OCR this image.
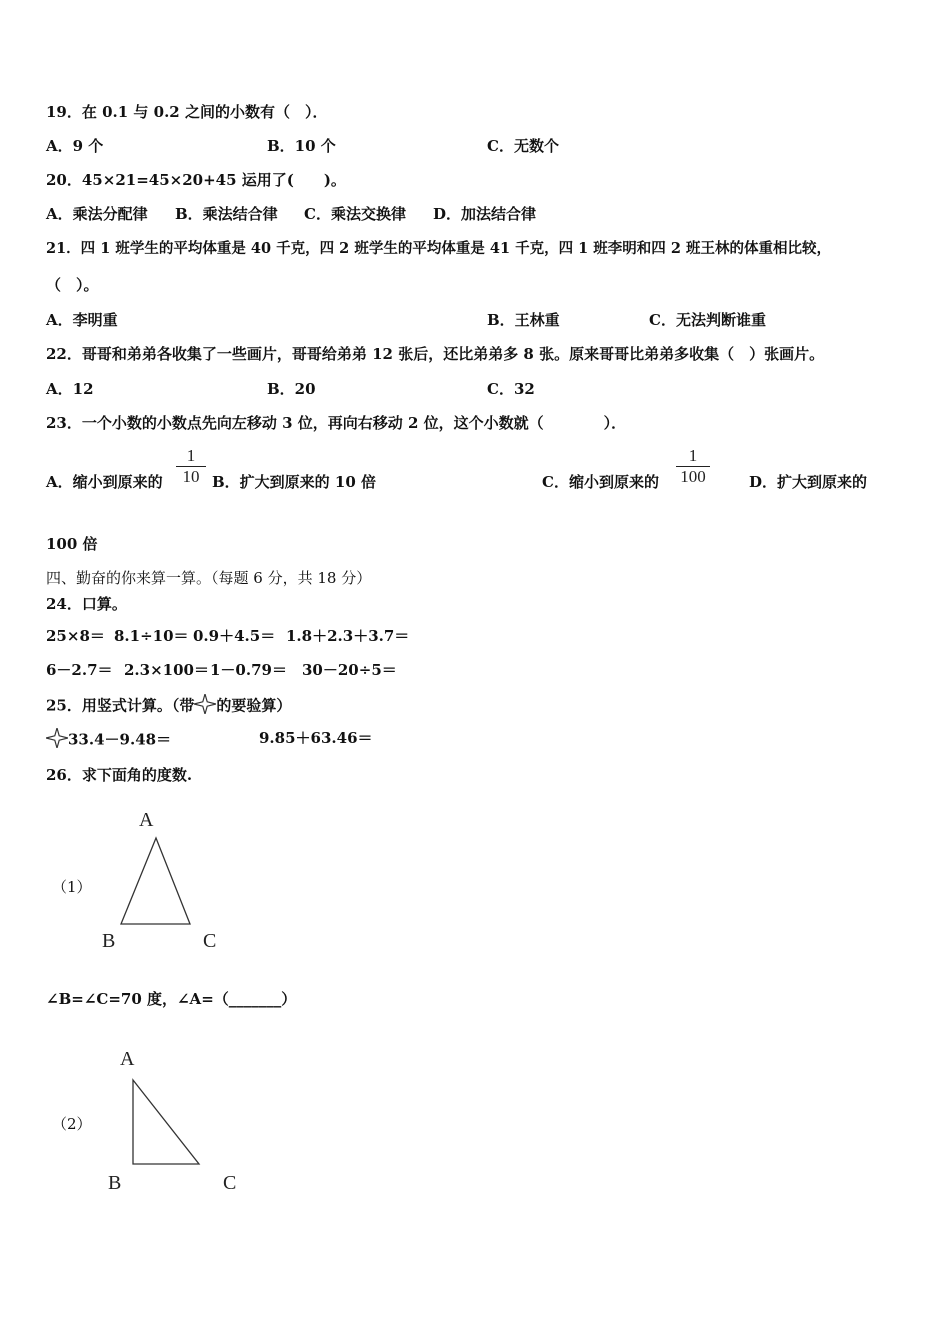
19．在 0.1 与 0.2 之间的小数有（　）．
A．9 个	B．10 个	C．无数个
20．45×21=45×20+45 运用了(　　)。
A．乘法分配律 B．乘法结合律 C．乘法交换律 D．加法结合律
21．四 1 班学生的平均体重是 40 千克，四 2 班学生的平均体重是 41 千克，四 1 班李明和四 2 班王林的体重相比较，
（　）。
A．李明重	B．王林重	C．无法判断谁重
22．哥哥和弟弟各收集了一些画片，哥哥给弟弟 12 张后，还比弟弟多 8 张。原来哥哥比弟弟多收集（　）张画片。
A．12	B．20	C．32
23．一个小数的小数点先向左移动 3 位，再向右移动 2 位，这个小数就（　　　　）．
A．缩小到原来的
1
10 B．扩大到原来的 10 倍	C．缩小到原来的
1
100	D．扩大到原来的
100 倍
四、勤奋的你来算一算。（每题 6 分，共 18 分）
24．口算。
25×8＝ 8.1÷10＝ 0.9＋4.5＝ 1.8＋2.3＋3.7＝
6－2.7＝ 2.3×100＝ 1－0.79＝ 30－20÷5＝
25．用竖式计算。（带 的要验算）
33.4－9.48＝	9.85＋63.46＝
26．求下面角的度数.
（1）
A
B	C
∠B=∠C=70 度，∠A=（_______）
（2）
A
B	C
